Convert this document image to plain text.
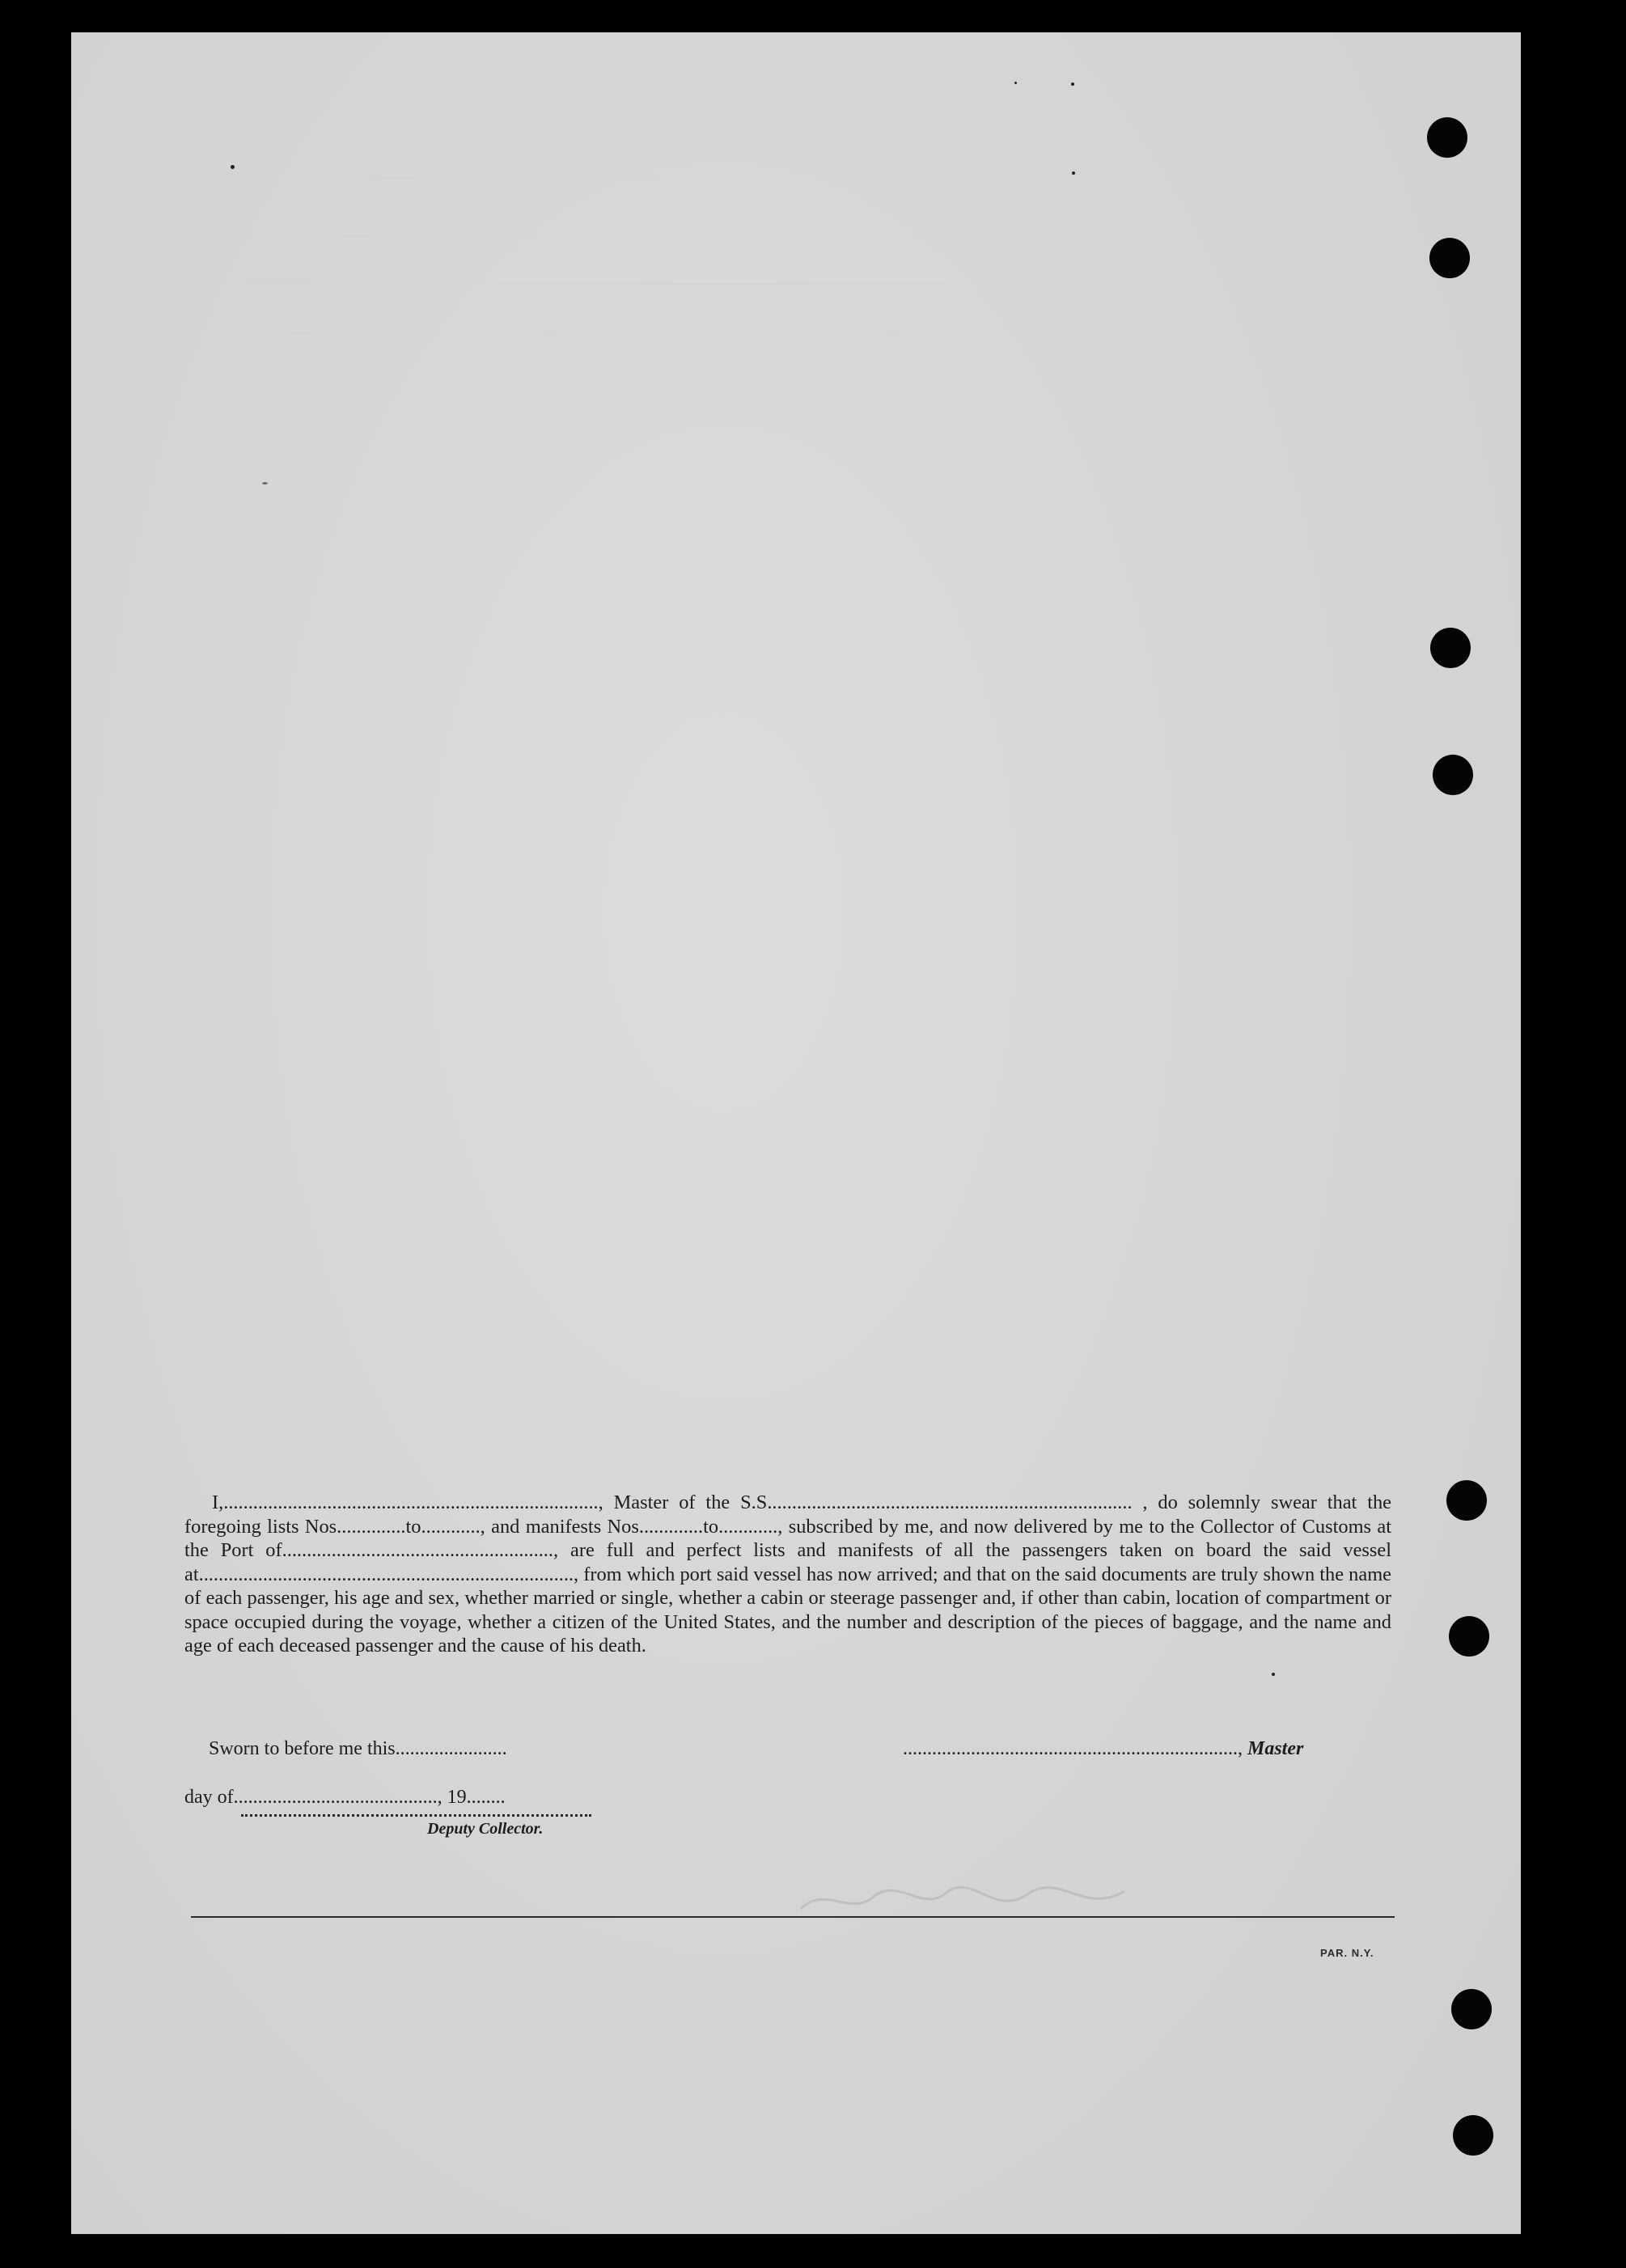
I,............................................................................, Master of the S.S.......................................................................... , do solemnly swear that the foregoing lists Nos..............to............, and manifests Nos.............to............, subscribed by me, and now delivered by me to the Collector of Customs at the Port of......................................................., are full and perfect lists and manifests of all the passengers taken on board the said vessel at............................................................................, from which port said vessel has now arrived; and that on the said documents are truly shown the name of each passenger, his age and sex, whether married or single, whether a cabin or steerage passenger and, if other than cabin, location of compartment or space occupied during the voyage, whether a citizen of the United States, and the number and description of the pieces of baggage, and the name and age of each deceased passenger and the cause of his death.

Sworn to before me this.......................	....................................................................., Master
day of.........................................., 19........
Deputy Collector.
PAR. N.Y.
